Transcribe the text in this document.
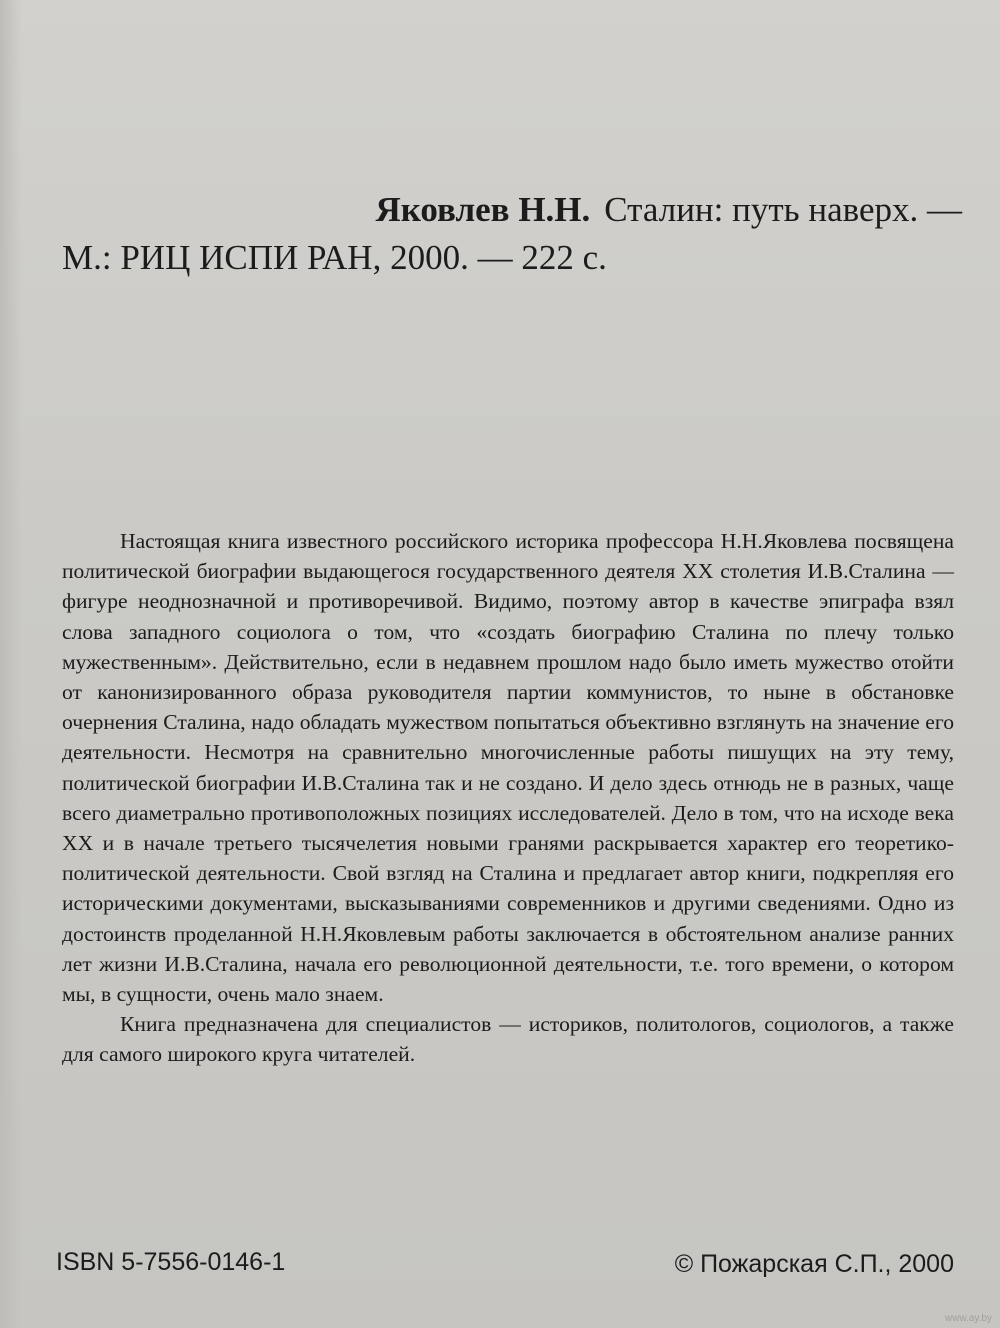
Яковлев Н.Н. Сталин: путь наверх. —
М.: РИЦ ИСПИ РАН, 2000. — 222 с.

Настоящая книга известного российского историка профессора Н.Н.Яковлева посвящена политической биографии выдающегося государственного деятеля XX столетия И.В.Сталина — фигуре неоднозначной и противоречивой. Видимо, поэтому автор в качестве эпиграфа взял слова западного социолога о том, что «создать биографию Сталина по плечу только мужественным». Действительно, если в недавнем прошлом надо было иметь мужество отойти от канонизированного образа руководителя партии коммунистов, то ныне в обстановке очернения Сталина, надо обладать мужеством попытаться объективно взглянуть на значение его деятельности. Несмотря на сравнительно многочисленные работы пишущих на эту тему, политической биографии И.В.Сталина так и не создано. И дело здесь отнюдь не в разных, чаще всего диаметрально противоположных позициях исследователей. Дело в том, что на исходе века XX и в начале третьего тысячелетия новыми гранями раскрывается характер его теоретико-политической деятельности. Свой взгляд на Сталина и предлагает автор книги, подкрепляя его историческими документами, высказываниями современников и другими сведениями. Одно из достоинств проделанной Н.Н.Яковлевым работы заключается в обстоятельном анализе ранних лет жизни И.В.Сталина, начала его революционной деятельности, т.е. того времени, о котором мы, в сущности, очень мало знаем.

Книга предназначена для специалистов — историков, политологов, социологов, а также для самого широкого круга читателей.

ISBN 5-7556-0146-1	© Пожарская С.П., 2000
www.ay.by
